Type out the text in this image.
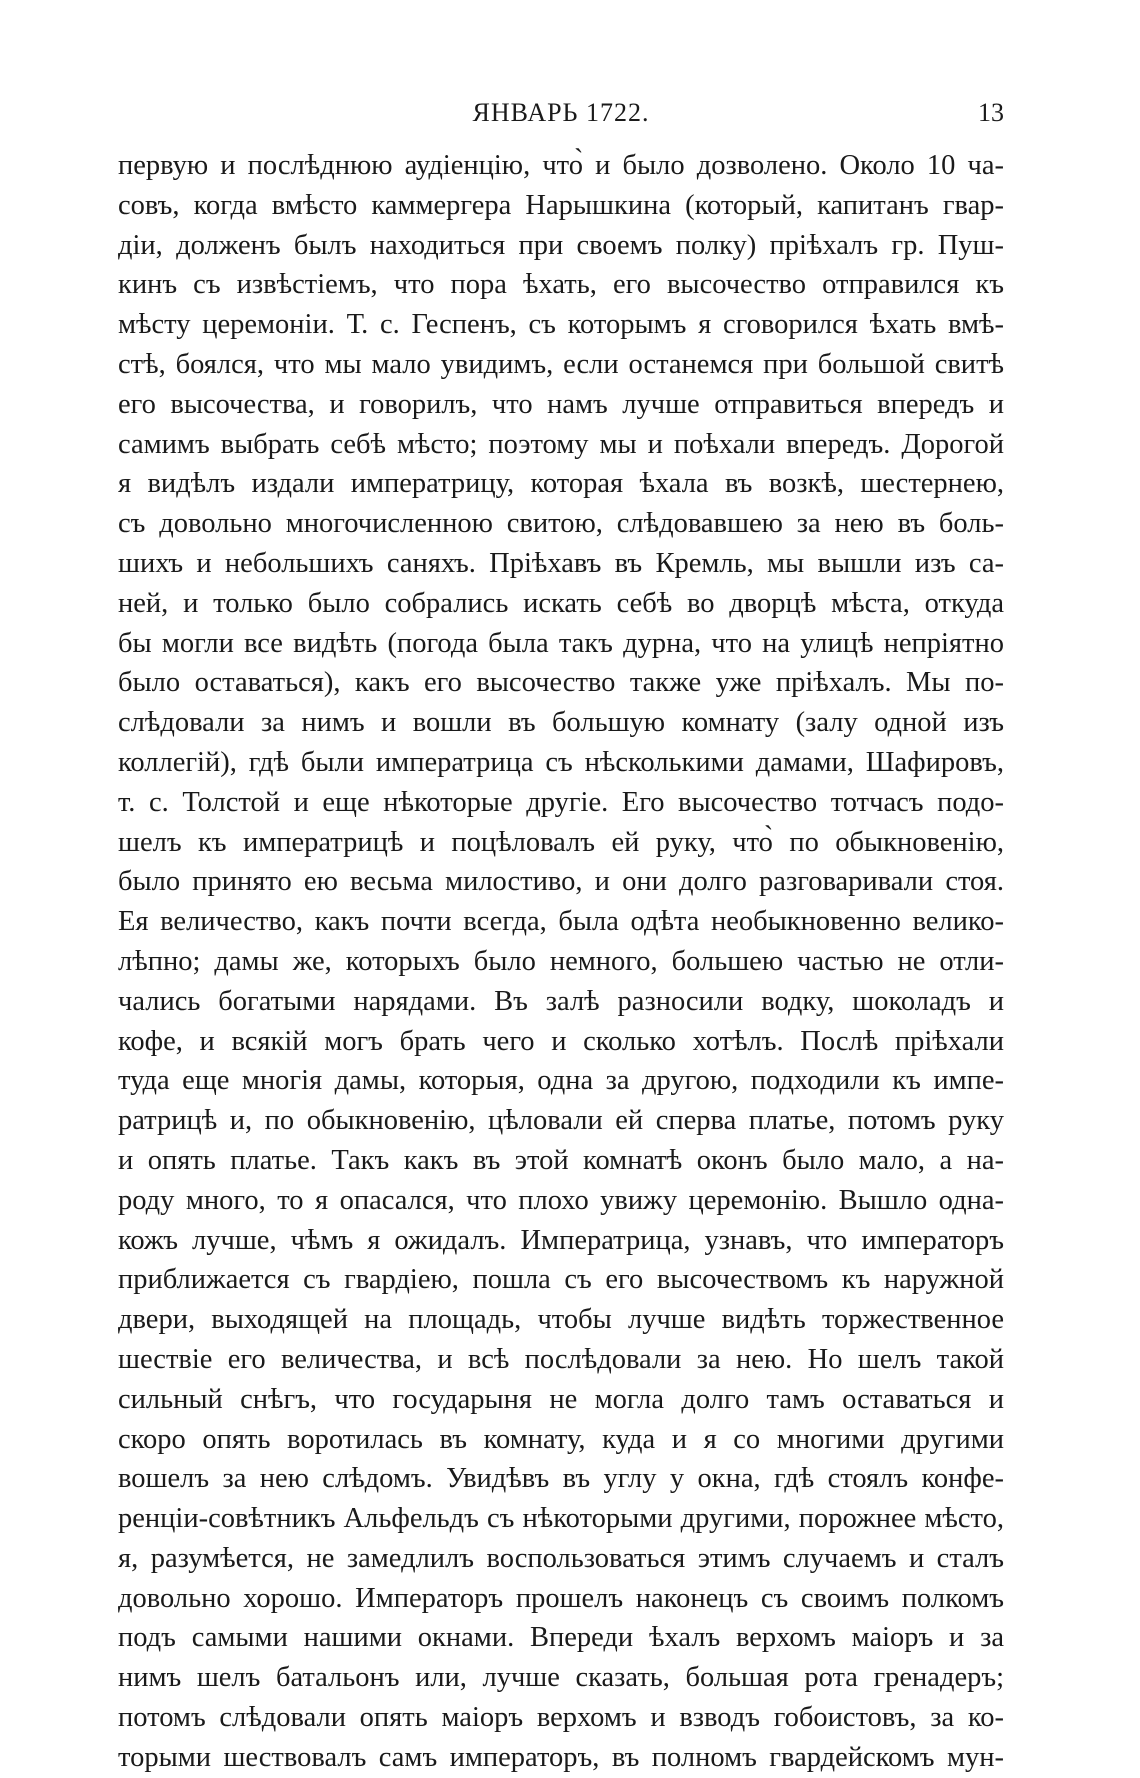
ЯНВАРЬ 1722.	13
первую и послѣднюю аудіенцію, что̀ и было дозволено. Около 10 ча-
совъ, когда вмѣсто каммергера Нарышкина (который, капитанъ гвар-
діи, долженъ былъ находиться при своемъ полку) пріѣхалъ гр. Пуш-
кинъ съ извѣстіемъ, что пора ѣхать, его высочество отправился къ
мѣсту церемоніи. Т. с. Геспенъ, съ которымъ я сговорился ѣхать вмѣ-
стѣ, боялся, что мы мало увидимъ, если останемся при большой свитѣ
его высочества, и говорилъ, что намъ лучше отправиться впередъ и
самимъ выбрать себѣ мѣсто; поэтому мы и поѣхали впередъ. Дорогой
я видѣлъ издали императрицу, которая ѣхала въ возкѣ, шестернею,
съ довольно многочисленною свитою, слѣдовавшею за нею въ боль-
шихъ и небольшихъ саняхъ. Пріѣхавъ въ Кремль, мы вышли изъ са-
ней, и только было собрались искать себѣ во дворцѣ мѣста, откуда
бы могли все видѣть (погода была такъ дурна, что на улицѣ непріятно
было оставаться), какъ его высочество также уже пріѣхалъ. Мы по-
слѣдовали за нимъ и вошли въ большую комнату (залу одной изъ
коллегій), гдѣ были императрица съ нѣсколькими дамами, Шафировъ,
т. с. Толстой и еще нѣкоторые другіе. Его высочество тотчасъ подо-
шелъ къ императрицѣ и поцѣловалъ ей руку, что̀ по обыкновенію,
было принято ею весьма милостиво, и они долго разговаривали стоя.
Ея величество, какъ почти всегда, была одѣта необыкновенно велико-
лѣпно; дамы же, которыхъ было немного, большею частью не отли-
чались богатыми нарядами. Въ залѣ разносили водку, шоколадъ и
кофе, и всякій могъ брать чего и сколько хотѣлъ. Послѣ пріѣхали
туда еще многія дамы, которыя, одна за другою, подходили къ импе-
ратрицѣ и, по обыкновенію, цѣловали ей сперва платье, потомъ руку
и опять платье. Такъ какъ въ этой комнатѣ оконъ было мало, а на-
роду много, то я опасался, что плохо увижу церемонію. Вышло одна-
кожъ лучше, чѣмъ я ожидалъ. Императрица, узнавъ, что императоръ
приближается съ гвардіею, пошла съ его высочествомъ къ наружной
двери, выходящей на площадь, чтобы лучше видѣть торжественное
шествіе его величества, и всѣ послѣдовали за нею. Но шелъ такой
сильный снѣгъ, что государыня не могла долго тамъ оставаться и
скоро опять воротилась въ комнату, куда и я со многими другими
вошелъ за нею слѣдомъ. Увидѣвъ въ углу у окна, гдѣ стоялъ конфе-
ренціи-совѣтникъ Альфельдъ съ нѣкоторыми другими, порожнее мѣсто,
я, разумѣется, не замедлилъ воспользоваться этимъ случаемъ и сталъ
довольно хорошо. Императоръ прошелъ наконецъ съ своимъ полкомъ
подъ самыми нашими окнами. Впереди ѣхалъ верхомъ маіоръ и за
нимъ шелъ батальонъ или, лучше сказать, большая рота гренадеръ;
потомъ слѣдовали опять маіоръ верхомъ и взводъ гобоистовъ, за ко-
торыми шествовалъ самъ императоръ, въ полномъ гвардейскомъ мун-
